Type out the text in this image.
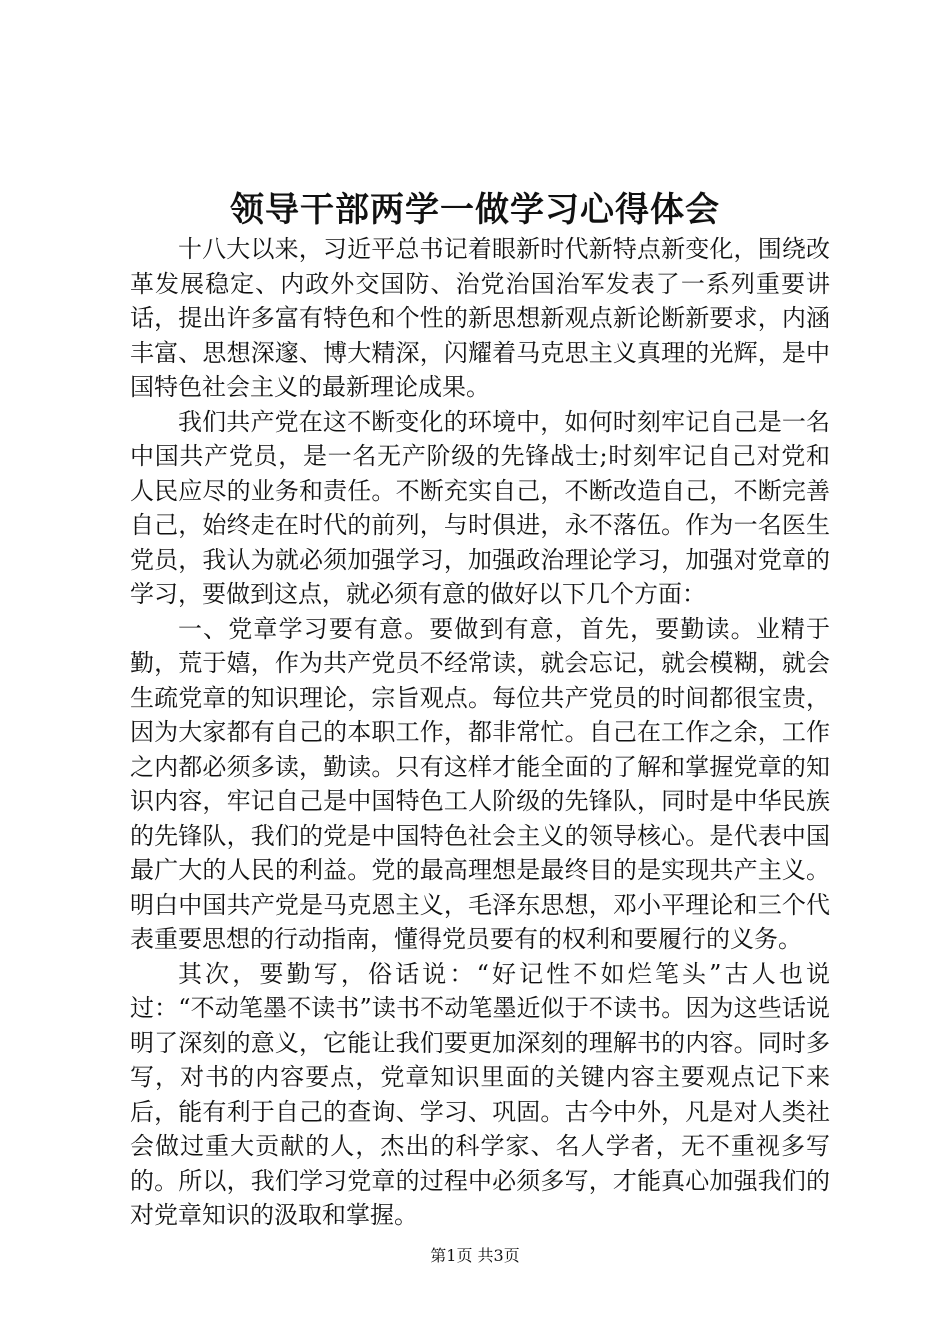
领导干部两学一做学习心得体会

十八大以来，习近平总书记着眼新时代新特点新变化，围绕改革发展稳定、内政外交国防、治党治国治军发表了一系列重要讲话，提出许多富有特色和个性的新思想新观点新论断新要求，内涵丰富、思想深邃、博大精深，闪耀着马克思主义真理的光辉，是中国特色社会主义的最新理论成果。

我们共产党在这不断变化的环境中，如何时刻牢记自己是一名中国共产党员，是一名无产阶级的先锋战士;时刻牢记自己对党和人民应尽的业务和责任。不断充实自己，不断改造自己，不断完善自己，始终走在时代的前列，与时俱进，永不落伍。作为一名医生党员，我认为就必须加强学习，加强政治理论学习，加强对党章的学习，要做到这点，就必须有意的做好以下几个方面：

一、党章学习要有意。要做到有意，首先，要勤读。业精于勤，荒于嬉，作为共产党员不经常读，就会忘记，就会模糊，就会生疏党章的知识理论，宗旨观点。每位共产党员的时间都很宝贵，因为大家都有自己的本职工作，都非常忙。自己在工作之余，工作之内都必须多读，勤读。只有这样才能全面的了解和掌握党章的知识内容，牢记自己是中国特色工人阶级的先锋队，同时是中华民族的先锋队，我们的党是中国特色社会主义的领导核心。是代表中国最广大的人民的利益。党的最高理想是最终目的是实现共产主义。明白中国共产党是马克恩主义，毛泽东思想，邓小平理论和三个代表重要思想的行动指南，懂得党员要有的权利和要履行的义务。

其次，要勤写，俗话说：“好记性不如烂笔头”古人也说过：“不动笔墨不读书”读书不动笔墨近似于不读书。因为这些话说明了深刻的意义，它能让我们要更加深刻的理解书的内容。同时多写，对书的内容要点，党章知识里面的关键内容主要观点记下来后，能有利于自己的查询、学习、巩固。古今中外，凡是对人类社会做过重大贡献的人，杰出的科学家、名人学者，无不重视多写的。所以，我们学习党章的过程中必须多写，才能真心加强我们的对党章知识的汲取和掌握。

第1页 共3页
